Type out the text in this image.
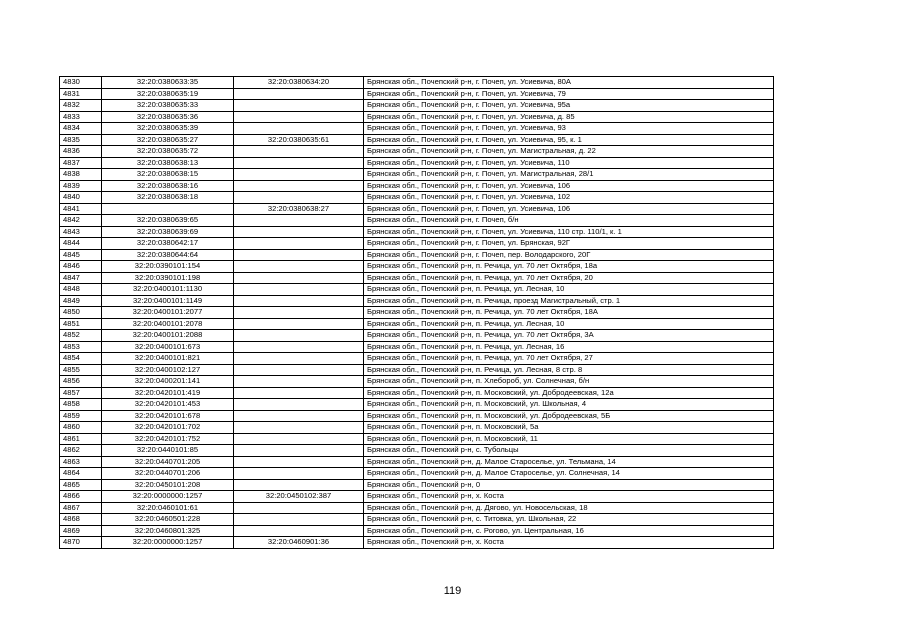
4830	32:20:0380633:35	32:20:0380634:20	Брянская обл., Почепский р-н, г. Почеп, ул. Усиевича, 80А
4831	32:20:0380635:19		Брянская обл., Почепский р-н, г. Почеп, ул. Усиевича, 79
4832	32:20:0380635:33		Брянская обл., Почепский р-н, г. Почеп, ул. Усиевича, 95а
4833	32:20:0380635:36		Брянская обл., Почепский р-н, г. Почеп, ул. Усиевича, д. 85
4834	32:20:0380635:39		Брянская обл., Почепский р-н, г. Почеп, ул. Усиевича, 93
4835	32:20:0380635:27	32:20:0380635:61	Брянская обл., Почепский р-н, г. Почеп, ул. Усиевича, 95, к. 1
4836	32:20:0380635:72		Брянская обл., Почепский р-н, г. Почеп, ул. Магистральная, д. 22
4837	32:20:0380638:13		Брянская обл., Почепский р-н, г. Почеп, ул. Усиевича, 110
4838	32:20:0380638:15		Брянская обл., Почепский р-н, г. Почеп, ул. Магистральная, 28/1
4839	32:20:0380638:16		Брянская обл., Почепский р-н, г. Почеп, ул. Усиевича, 106
4840	32:20:0380638:18		Брянская обл., Почепский р-н, г. Почеп, ул. Усиевича, 102
4841		32:20:0380638:27	Брянская обл., Почепский р-н, г. Почеп, ул. Усиевича, 106
4842	32:20:0380639:65		Брянская обл., Почепский р-н, г. Почеп, б/н
4843	32:20:0380639:69		Брянская обл., Почепский р-н, г. Почеп, ул. Усиевича, 110 стр. 110/1, к. 1
4844	32:20:0380642:17		Брянская обл., Почепский р-н, г. Почеп, ул. Брянская, 92Г
4845	32:20:0380644:64		Брянская обл., Почепский р-н, г. Почеп, пер. Володарского, 20Г
4846	32:20:0390101:154		Брянская обл., Почепский р-н, п. Речица, ул. 70 лет Октября, 18а
4847	32:20:0390101:198		Брянская обл., Почепский р-н, п. Речица, ул. 70 лет Октября, 20
4848	32:20:0400101:1130		Брянская обл., Почепский р-н, п. Речица, ул. Лесная, 10
4849	32:20:0400101:1149		Брянская обл., Почепский р-н, п. Речица, проезд Магистральный, стр. 1
4850	32:20:0400101:2077		Брянская обл., Почепский р-н, п. Речица, ул. 70 лет Октября, 18А
4851	32:20:0400101:2078		Брянская обл., Почепский р-н, п. Речица, ул. Лесная, 10
4852	32:20:0400101:2088		Брянская обл., Почепский р-н, п. Речица, ул. 70 лет Октября, 3А
4853	32:20:0400101:673		Брянская обл., Почепский р-н, п. Речица, ул. Лесная, 16
4854	32:20:0400101:821		Брянская обл., Почепский р-н, п. Речица, ул. 70 лет Октября, 27
4855	32:20:0400102:127		Брянская обл., Почепский р-н, п. Речица, ул. Лесная, 8 стр. 8
4856	32:20:0400201:141		Брянская обл., Почепский р-н, п. Хлебороб, ул. Солнечная, б/н
4857	32:20:0420101:419		Брянская обл., Почепский р-н, п. Московский, ул. Добродеевская, 12а
4858	32:20:0420101:453		Брянская обл., Почепский р-н, п. Московский, ул. Школьная, 4
4859	32:20:0420101:678		Брянская обл., Почепский р-н, п. Московский, ул. Добродеевская, 5Б
4860	32:20:0420101:702		Брянская обл., Почепский р-н, п. Московский, 5а
4861	32:20:0420101:752		Брянская обл., Почепский р-н, п. Московский, 11
4862	32:20:0440101:85		Брянская обл., Почепский р-н, с. Тубольцы
4863	32:20:0440701:205		Брянская обл., Почепский р-н, д. Малое Староселье, ул. Тельмана, 14
4864	32:20:0440701:206		Брянская обл., Почепский р-н, д. Малое Староселье, ул. Солнечная, 14
4865	32:20:0450101:208		Брянская обл., Почепский р-н, 0
4866	32:20:0000000:1257	32:20:0450102:387	Брянская обл., Почепский р-н, х. Коста
4867	32:20:0460101:61		Брянская обл., Почепский р-н, д. Дягово, ул. Новосельская, 18
4868	32:20:0460501:228		Брянская обл., Почепский р-н, с. Титовка, ул. Школьная, 22
4869	32:20:0460801:325		Брянская обл., Почепский р-н, с. Рогово, ул. Центральная, 16
4870	32:20:0000000:1257	32:20:0460901:36	Брянская обл., Почепский р-н, х. Коста
119
